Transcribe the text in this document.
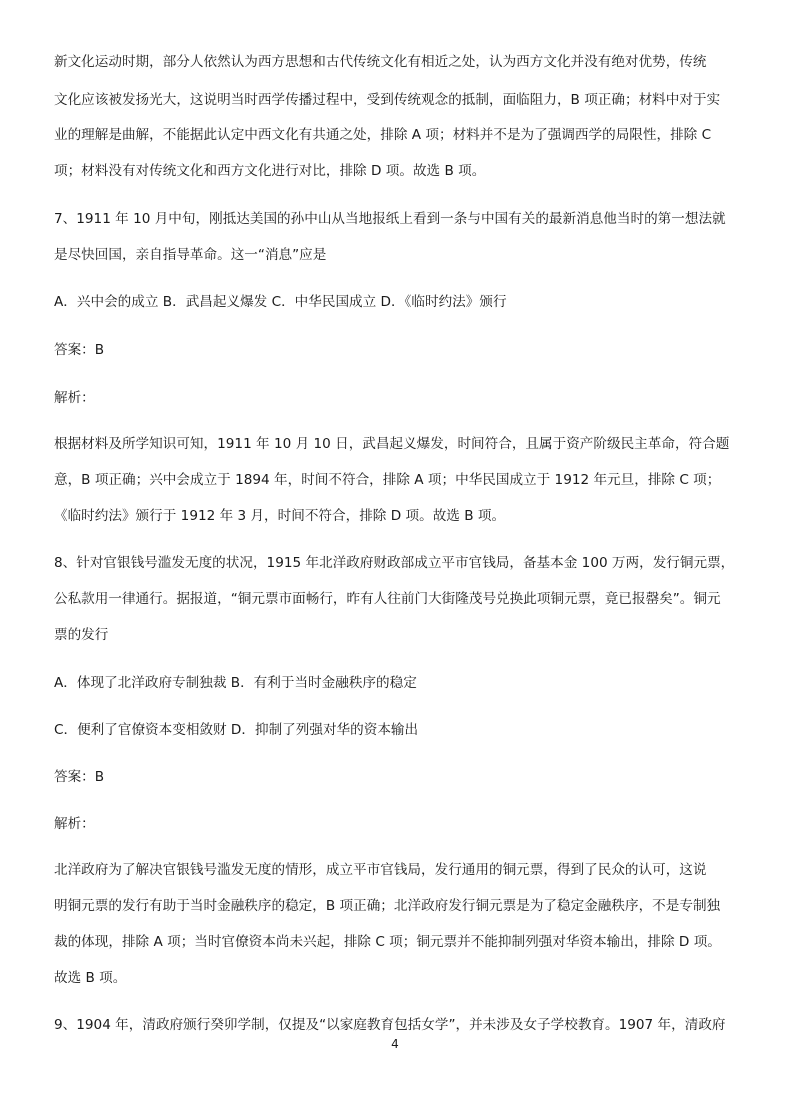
新文化运动时期，部分人依然认为西方思想和古代传统文化有相近之处，认为西方文化并没有绝对优势，传统
文化应该被发扬光大，这说明当时西学传播过程中，受到传统观念的抵制，面临阻力，B 项正确；材料中对于实
业的理解是曲解，不能据此认定中西文化有共通之处，排除 A 项；材料并不是为了强调西学的局限性，排除 C
项；材料没有对传统文化和西方文化进行对比，排除 D 项。故选 B 项。
7、1911 年 10 月中旬，刚抵达美国的孙中山从当地报纸上看到一条与中国有关的最新消息他当时的第一想法就
是尽快回国，亲自指导革命。这一“消息”应是
A．兴中会的成立 B．武昌起义爆发 C．中华民国成立 D．《临时约法》颁行
答案：B
解析：
根据材料及所学知识可知，1911 年 10 月 10 日，武昌起义爆发，时间符合，且属于资产阶级民主革命，符合题
意，B 项正确；兴中会成立于 1894 年，时间不符合，排除 A 项；中华民国成立于 1912 年元旦，排除 C 项；
《临时约法》颁行于 1912 年 3 月，时间不符合，排除 D 项。故选 B 项。
8、针对官银钱号滥发无度的状况，1915 年北洋政府财政部成立平市官钱局，备基本金 100 万两，发行铜元票，
公私款用一律通行。据报道，“铜元票市面畅行，昨有人往前门大街隆茂号兑换此项铜元票，竟已报罄矣”。铜元
票的发行
A．体现了北洋政府专制独裁 B．有利于当时金融秩序的稳定
C．便利了官僚资本变相敛财 D．抑制了列强对华的资本输出
答案：B
解析：
北洋政府为了解决官银钱号滥发无度的情形，成立平市官钱局，发行通用的铜元票，得到了民众的认可，这说
明铜元票的发行有助于当时金融秩序的稳定，B 项正确；北洋政府发行铜元票是为了稳定金融秩序，不是专制独
裁的体现，排除 A 项；当时官僚资本尚未兴起，排除 C 项；铜元票并不能抑制列强对华资本输出，排除 D 项。
故选 B 项。
9、1904 年，清政府颁行癸卯学制，仅提及“以家庭教育包括女学”，并未涉及女子学校教育。1907 年，清政府
4
